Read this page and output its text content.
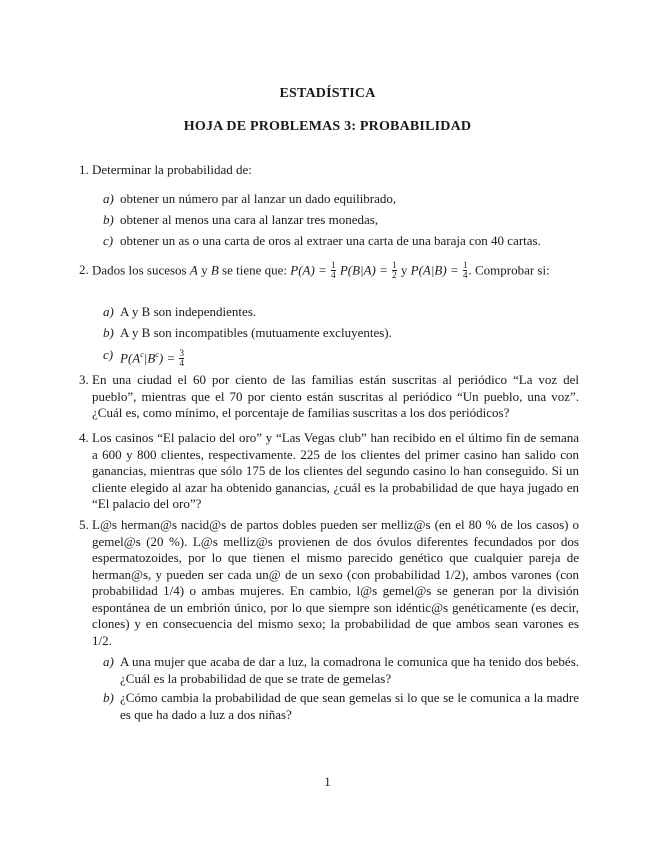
ESTADÍSTICA
HOJA DE PROBLEMAS 3: PROBABILIDAD
1. Determinar la probabilidad de:
a) obtener un número par al lanzar un dado equilibrado,
b) obtener al menos una cara al lanzar tres monedas,
c) obtener un as o una carta de oros al extraer una carta de una baraja con 40 cartas.
2. Dados los sucesos A y B se tiene que: $P(A) = \frac{1}{4} P(B|A) = \frac{1}{2}$ y $P(A|B) = \frac{1}{4}$ . Comprobar si:
a) A y B son independientes.
b) A y B son incompatibles (mutuamente excluyentes).
c) $P(A^c|B^c) = \frac{3}{4}$
3. En una ciudad el 60 por ciento de las familias están suscritas al periódico “La voz del pueblo”, mientras que el 70 por ciento están suscritas al periódico “Un pueblo, una voz”. ¿Cuál es, como mínimo, el porcentaje de familias suscritas a los dos periódicos?
4. Los casinos “El palacio del oro” y “Las Vegas club” han recibido en el último fin de semana a 600 y 800 clientes, respectivamente. 225 de los clientes del primer casino han salido con ganancias, mientras que sólo 175 de los clientes del segundo casino lo han conseguido. Si un cliente elegido al azar ha obtenido ganancias, ¿cuál es la probabilidad de que haya jugado en “El palacio del oro”?
5. L@s herman@s nacid@s de partos dobles pueden ser melliz@s (en el 80 % de los casos) o gemel@s (20 %). L@s melliz@s provienen de dos óvulos diferentes fecundados por dos espermatozoides, por lo que tienen el mismo parecido genético que cualquier pareja de herman@s, y pueden ser cada un@ de un sexo (con probabilidad 1/2), ambos varones (con probabilidad 1/4) o ambas mujeres. En cambio, l@s gemel@s se generan por la división espontánea de un embrión único, por lo que siempre son idéntic@s genéticamente (es decir, clones) y en consecuencia del mismo sexo; la probabilidad de que ambos sean varones es 1/2.
a) A una mujer que acaba de dar a luz, la comadrona le comunica que ha tenido dos bebés. ¿Cuál es la probabilidad de que se trate de gemelas?
b) ¿Cómo cambia la probabilidad de que sean gemelas si lo que se le comunica a la madre es que ha dado a luz a dos niñas?
1
